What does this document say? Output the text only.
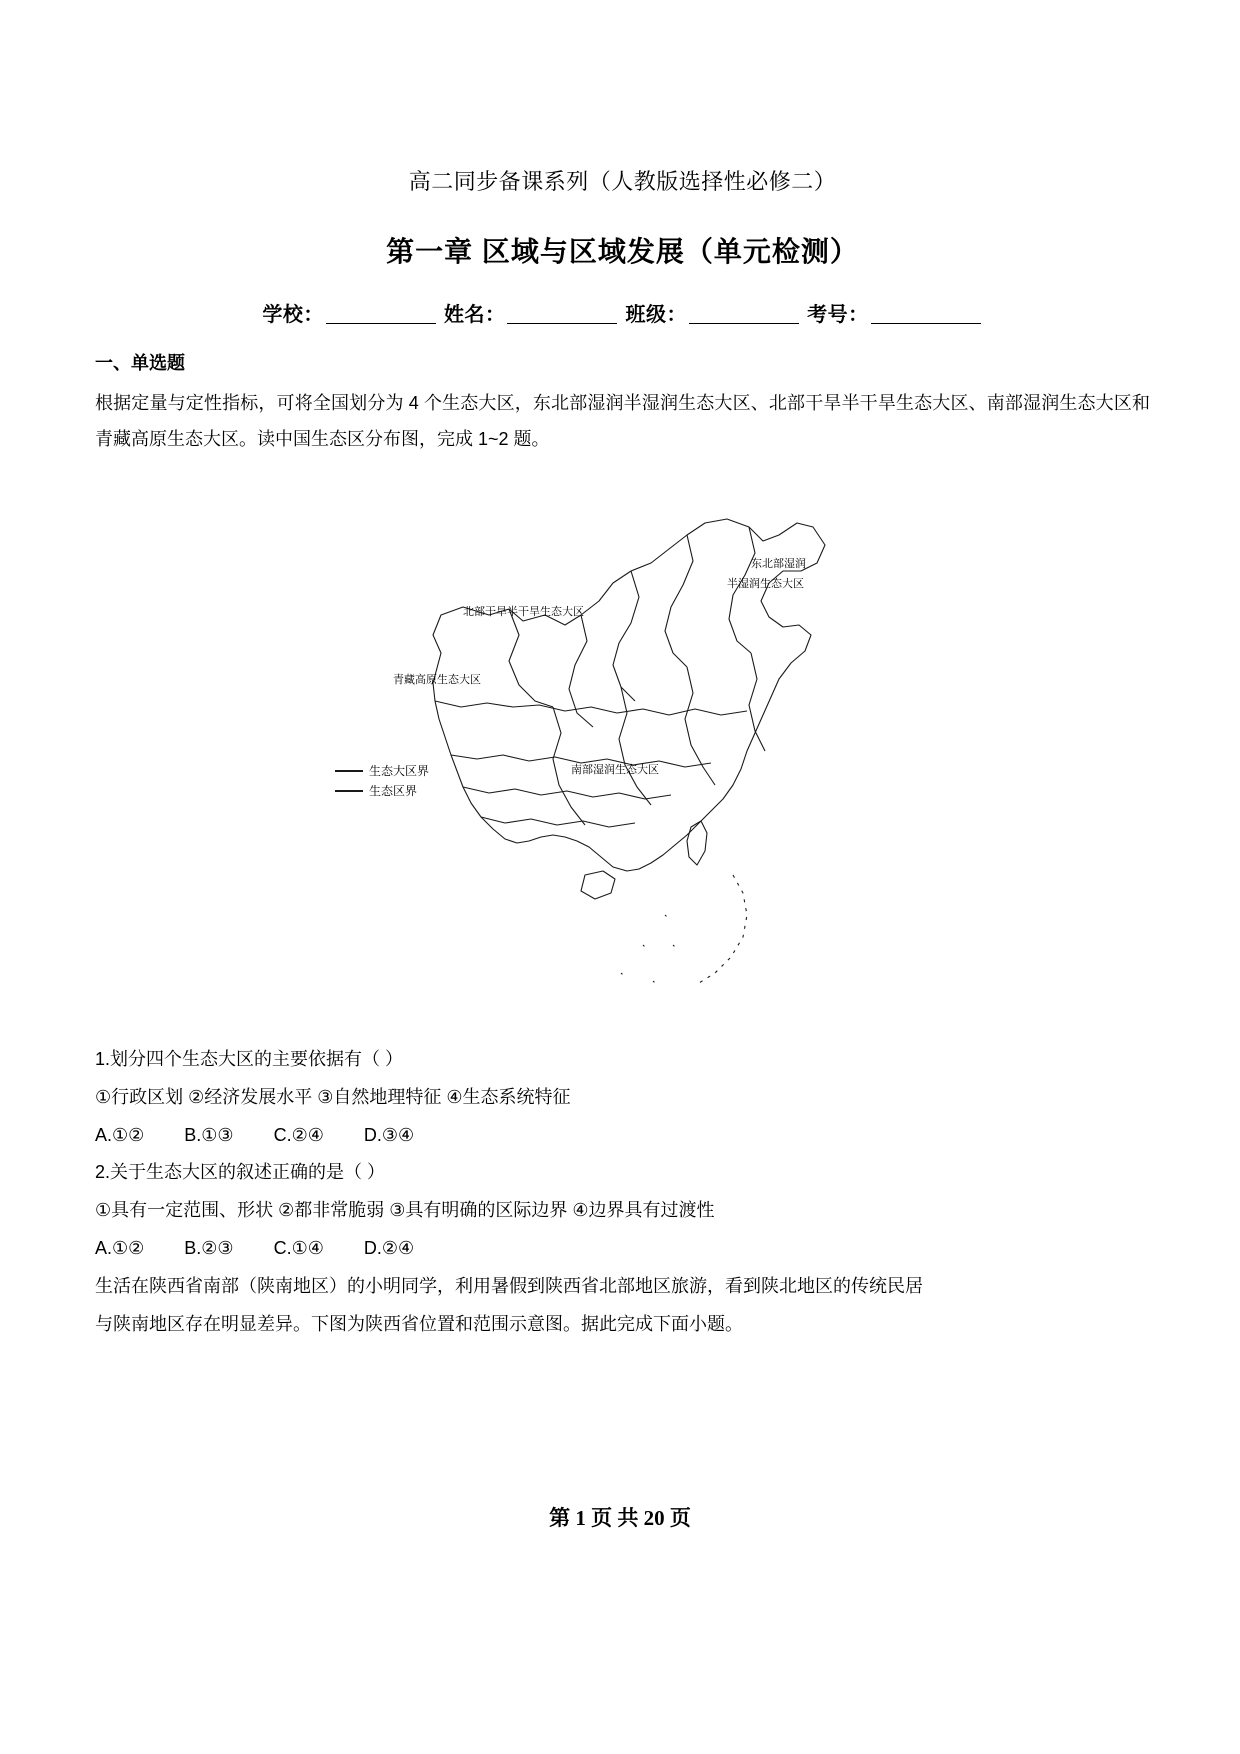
高二同步备课系列（人教版选择性必修二）
第一章 区域与区域发展（单元检测）
学校：	姓名：	班级：	考号：
一、单选题
根据定量与定性指标，可将全国划分为 4 个生态大区，东北部湿润半湿润生态大区、北部干旱半干旱生态大区、南部湿润生态大区和青藏高原生态大区。读中国生态区分布图，完成 1~2 题。
东北部湿润
半湿润生态大区
北部干旱半干旱生态大区
青藏高原生态大区
南部湿润生态大区
生态大区界
生态区界
1.划分四个生态大区的主要依据有（ ）
①行政区划 ②经济发展水平 ③自然地理特征 ④生态系统特征
A.①②        B.①③        C.②④        D.③④
2.关于生态大区的叙述正确的是（ ）
①具有一定范围、形状 ②都非常脆弱 ③具有明确的区际边界 ④边界具有过渡性
A.①②        B.②③        C.①④        D.②④
生活在陕西省南部（陕南地区）的小明同学，利用暑假到陕西省北部地区旅游，看到陕北地区的传统民居
与陕南地区存在明显差异。下图为陕西省位置和范围示意图。据此完成下面小题。
第 1 页 共 20 页
